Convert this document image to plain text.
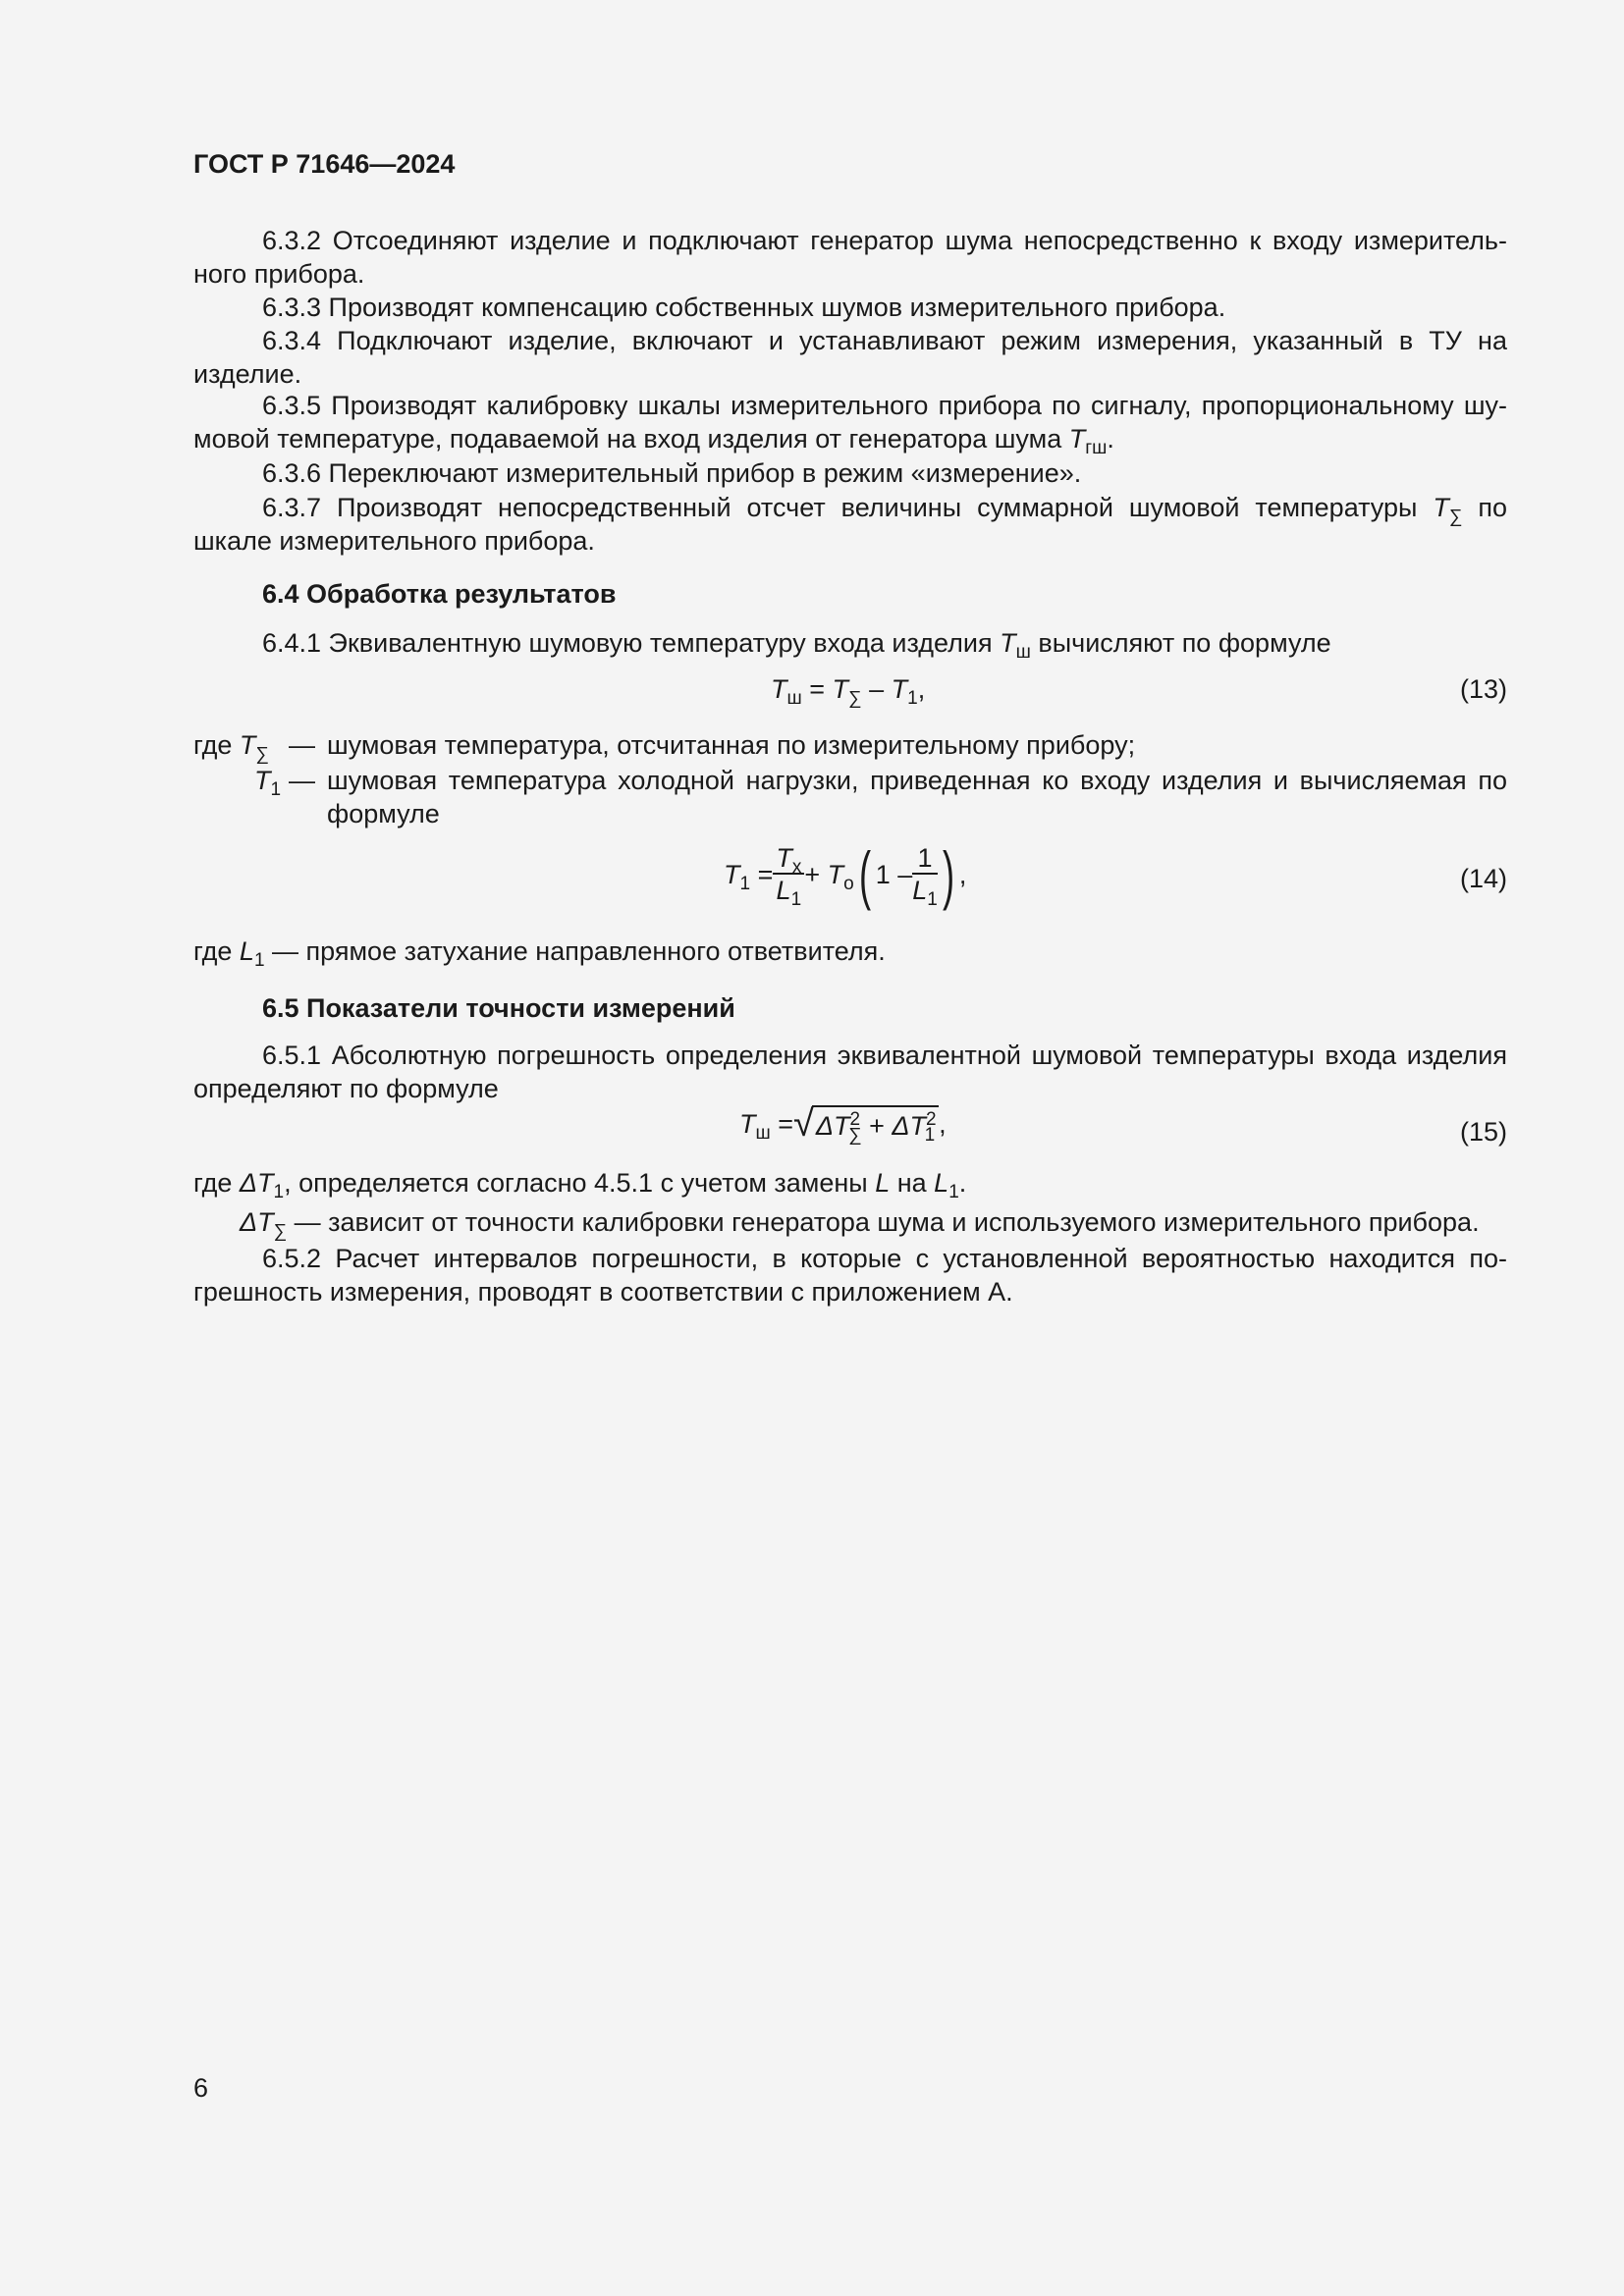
ГОСТ Р 71646—2024
6.3.2 Отсоединяют изделие и подключают генератор шума непосредственно к входу измеритель-
ного прибора.
6.3.3 Производят компенсацию собственных шумов измерительного прибора.
6.3.4 Подключают изделие, включают и устанавливают режим измерения, указанный в ТУ на
изделие.
6.3.5 Производят калибровку шкалы измерительного прибора по сигналу, пропорциональному шу-
мовой температуре, подаваемой на вход изделия от генератора шума $T_{гш}$.
6.3.6 Переключают измерительный прибор в режим «измерение».
6.3.7 Производят непосредственный отсчет величины суммарной шумовой температуры $T_\sum$ по
шкале измерительного прибора.
6.4 Обработка результатов
6.4.1 Эквивалентную шумовую температуру входа изделия $T_ш$ вычисляют по формуле
$T_ш = T_\sum - T_1$,	(13)
где $T_\sum$ — шумовая температура, отсчитанная по измерительному прибору;
$T_1$ — шумовая температура холодной нагрузки, приведенная ко входу изделия и вычисляемая по
формуле
$T_1 = \frac{T_x}{L_1} + T_o$( $1 - \frac{1}{L_1}$ ) ,	(14)
где $L_1$ — прямое затухание направленного ответвителя.
6.5 Показатели точности измерений
6.5.1 Абсолютную погрешность определения эквивалентной шумовой температуры входа изделия
определяют по формуле
$T_ш =√\Delta T^2_\sum + \Delta T^2_1$ ,	(15)
где $\Delta T_1$, определяется согласно 4.5.1 с учетом замены L на $L_1$.
$\Delta T_\sum$ — зависит от точности калибровки генератора шума и используемого измерительного прибора.
6.5.2 Расчет интервалов погрешности, в которые с установленной вероятностью находится по-
грешность измерения, проводят в соответствии с приложением А.
6
